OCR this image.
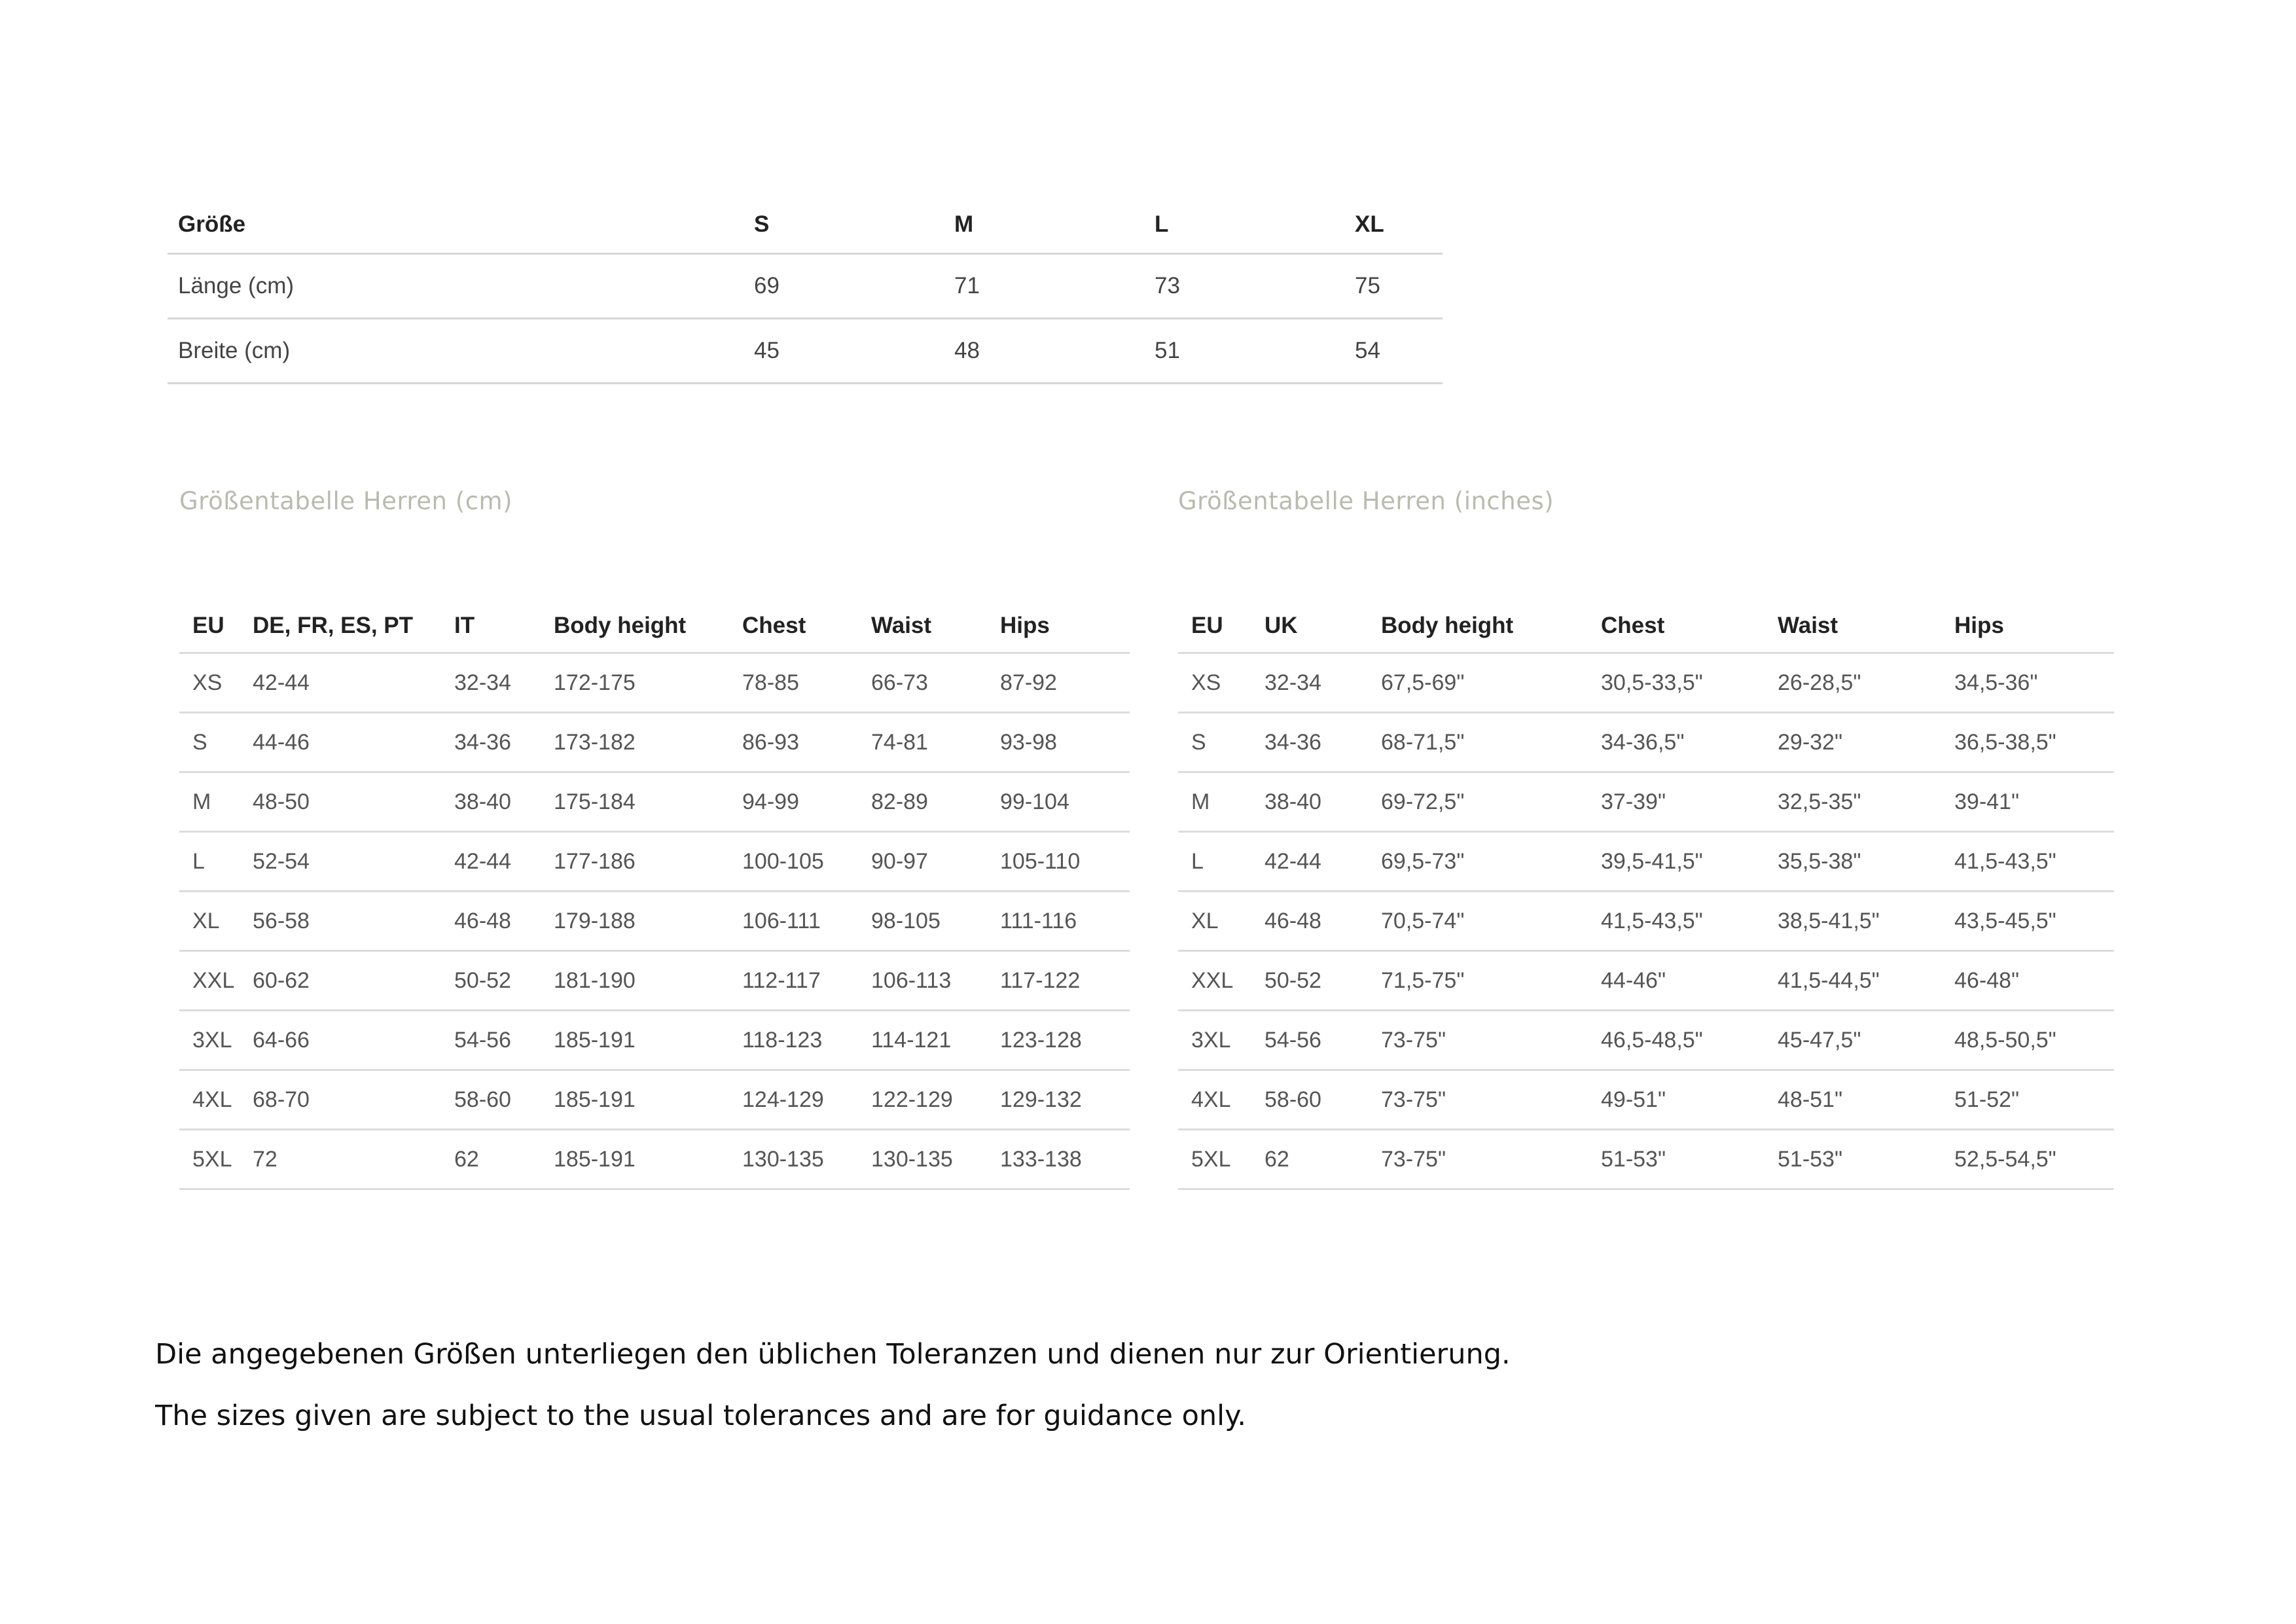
Größe	S	M	L	XL
Länge (cm)	69	71	73	75
Breite (cm)	45	48	51	54
Größentabelle Herren (cm)	Größentabelle Herren (inches)
EU	DE, FR, ES, PT	IT	Body height	Chest	Waist	Hips
XS	42-44	32-34	172-175	78-85	66-73	87-92
S	44-46	34-36	173-182	86-93	74-81	93-98
M	48-50	38-40	175-184	94-99	82-89	99-104
L	52-54	42-44	177-186	100-105	90-97	105-110
XL	56-58	46-48	179-188	106-111	98-105	111-116
XXL	60-62	50-52	181-190	112-117	106-113	117-122
3XL	64-66	54-56	185-191	118-123	114-121	123-128
4XL	68-70	58-60	185-191	124-129	122-129	129-132
5XL	72	62	185-191	130-135	130-135	133-138
EU	UK	Body height	Chest	Waist	Hips
XS	32-34	67,5-69"	30,5-33,5"	26-28,5"	34,5-36"
S	34-36	68-71,5"	34-36,5"	29-32"	36,5-38,5"
M	38-40	69-72,5"	37-39"	32,5-35"	39-41"
L	42-44	69,5-73"	39,5-41,5"	35,5-38"	41,5-43,5"
XL	46-48	70,5-74"	41,5-43,5"	38,5-41,5"	43,5-45,5"
XXL	50-52	71,5-75"	44-46"	41,5-44,5"	46-48"
3XL	54-56	73-75"	46,5-48,5"	45-47,5"	48,5-50,5"
4XL	58-60	73-75"	49-51"	48-51"	51-52"
5XL	62	73-75"	51-53"	51-53"	52,5-54,5"
Die angegebenen Größen unterliegen den üblichen Toleranzen und dienen nur zur Orientierung.
The sizes given are subject to the usual tolerances and are for guidance only.
